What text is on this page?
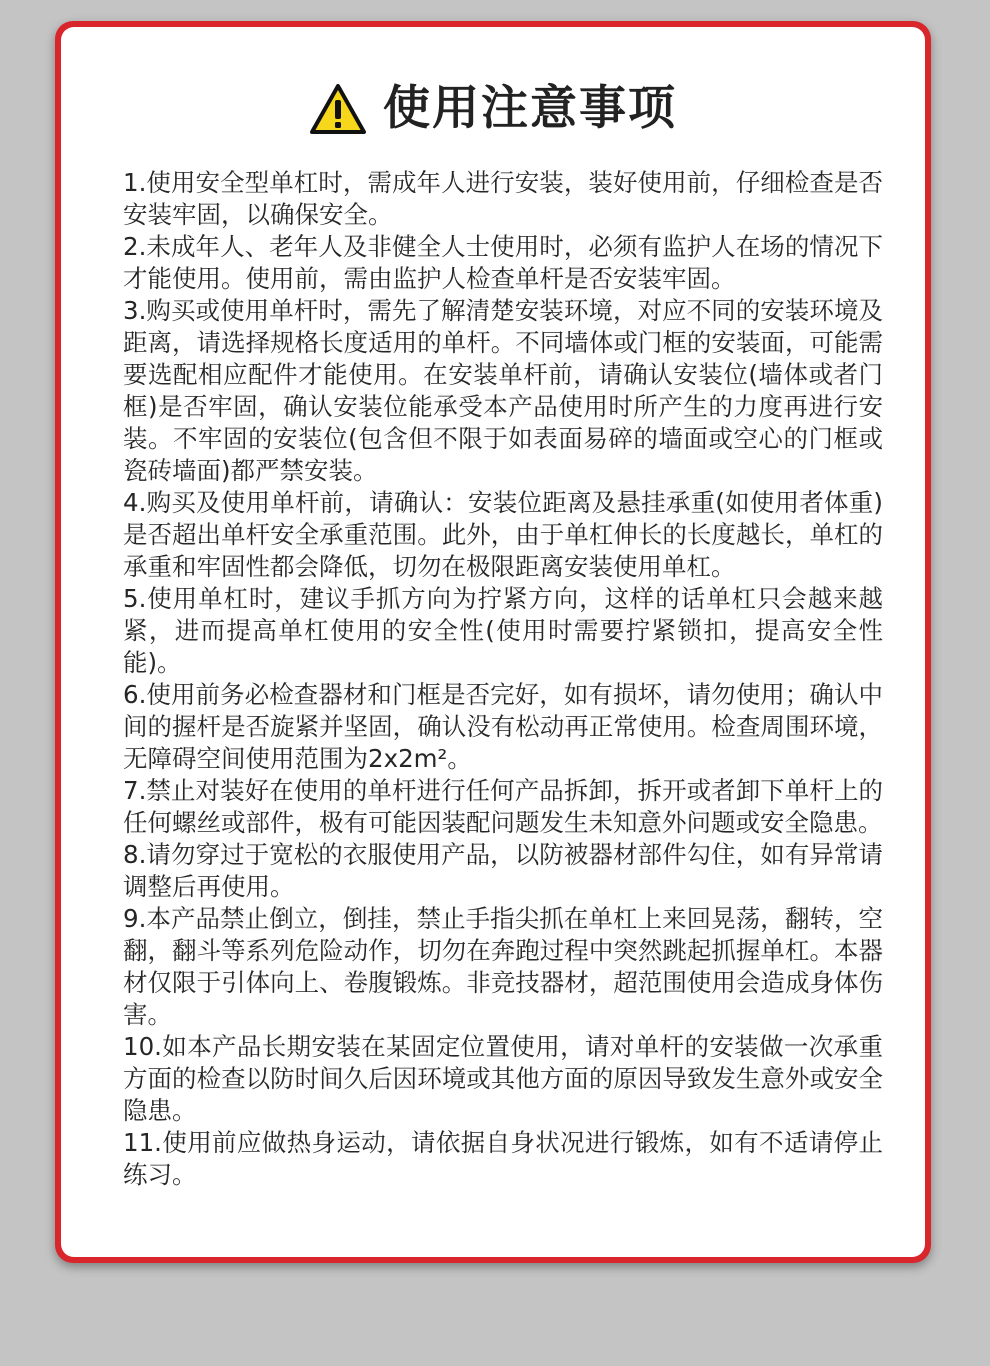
使用注意事项

1.使用安全型单杠时，需成年人进行安装，装好使用前，仔细检查是否安装牢固，以确保安全。

2.未成年人、老年人及非健全人士使用时，必须有监护人在场的情况下才能使用。使用前，需由监护人检查单杆是否安装牢固。

3.购买或使用单杆时，需先了解清楚安装环境，对应不同的安装环境及距离，请选择规格长度适用的单杆。不同墙体或门框的安装面，可能需要选配相应配件才能使用。在安装单杆前，请确认安装位(墙体或者门框)是否牢固，确认安装位能承受本产品使用时所产生的力度再进行安装。不牢固的安装位(包含但不限于如表面易碎的墙面或空心的门框或瓷砖墙面)都严禁安装。

4.购买及使用单杆前，请确认：安装位距离及悬挂承重(如使用者体重)是否超出单杆安全承重范围。此外，由于单杠伸长的长度越长，单杠的承重和牢固性都会降低，切勿在极限距离安装使用单杠。

5.使用单杠时，建议手抓方向为拧紧方向，这样的话单杠只会越来越紧，进而提高单杠使用的安全性(使用时需要拧紧锁扣，提高安全性能)。

6.使用前务必检查器材和门框是否完好，如有损坏，请勿使用；确认中间的握杆是否旋紧并坚固，确认没有松动再正常使用。检查周围环境，无障碍空间使用范围为2x2m²。

7.禁止对装好在使用的单杆进行任何产品拆卸，拆开或者卸下单杆上的任何螺丝或部件，极有可能因装配问题发生未知意外问题或安全隐患。

8.请勿穿过于宽松的衣服使用产品，以防被器材部件勾住，如有异常请调整后再使用。

9.本产品禁止倒立，倒挂，禁止手指尖抓在单杠上来回晃荡，翻转，空翻，翻斗等系列危险动作，切勿在奔跑过程中突然跳起抓握单杠。本器材仅限于引体向上、卷腹锻炼。非竞技器材，超范围使用会造成身体伤害。

10.如本产品长期安装在某固定位置使用，请对单杆的安装做一次承重方面的检查以防时间久后因环境或其他方面的原因导致发生意外或安全隐患。

11.使用前应做热身运动，请依据自身状况进行锻炼，如有不适请停止练习。
